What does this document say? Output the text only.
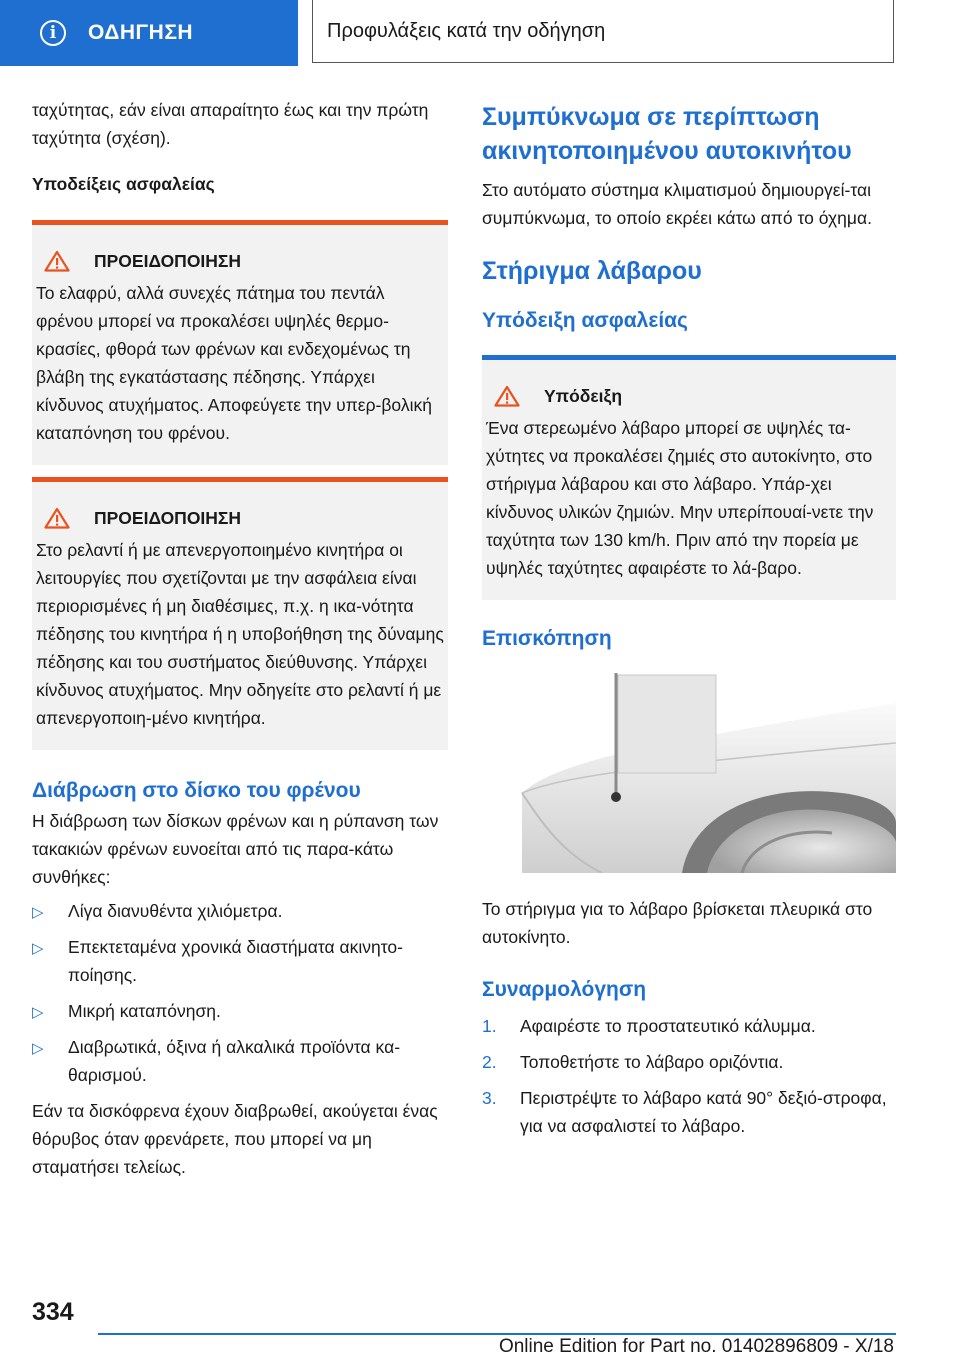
i	ΟΔΗΓΗΣΗ	Προφυλάξεις κατά την οδήγηση

ταχύτητας, εάν είναι απαραίτητο έως και την πρώτη ταχύτητα (σχέση).

Υποδείξεις ασφαλείας

ΠΡΟΕΙΔΟΠΟΙΗΣΗ

Το ελαφρύ, αλλά συνεχές πάτημα του πεντάλ φρένου μπορεί να προκαλέσει υψηλές θερμο-κρασίες, φθορά των φρένων και ενδεχομένως τη βλάβη της εγκατάστασης πέδησης. Υπάρχει κίνδυνος ατυχήματος. Αποφεύγετε την υπερ-βολική καταπόνηση του φρένου.

ΠΡΟΕΙΔΟΠΟΙΗΣΗ

Στο ρελαντί ή με απενεργοποιημένο κινητήρα οι λειτουργίες που σχετίζονται με την ασφάλεια είναι περιορισμένες ή μη διαθέσιμες, π.χ. η ικα-νότητα πέδησης του κινητήρα ή η υποβοήθηση της δύναμης πέδησης και του συστήματος διεύθυνσης. Υπάρχει κίνδυνος ατυχήματος. Μην οδηγείτε στο ρελαντί ή με απενεργοποιη-μένο κινητήρα.

Διάβρωση στο δίσκο του φρένου

Η διάβρωση των δίσκων φρένων και η ρύπανση των τακακιών φρένων ευνοείται από τις παρα-κάτω συνθήκες:

▷ Λίγα διανυθέντα χιλιόμετρα.
▷ Επεκτεταμένα χρονικά διαστήματα ακινητο-ποίησης.
▷ Μικρή καταπόνηση.
▷ Διαβρωτικά, όξινα ή αλκαλικά προϊόντα κα-θαρισμού.

Εάν τα δισκόφρενα έχουν διαβρωθεί, ακούγεται ένας θόρυβος όταν φρενάρετε, που μπορεί να μη σταματήσει τελείως.

Συμπύκνωμα σε περίπτωση ακινητοποιημένου αυτοκινήτου

Στο αυτόματο σύστημα κλιματισμού δημιουργεί-ται συμπύκνωμα, το οποίο εκρέει κάτω από το όχημα.

Στήριγμα λάβαρου
Υπόδειξη ασφαλείας
Υπόδειξη

Ένα στερεωμένο λάβαρο μπορεί σε υψηλές τα-χύτητες να προκαλέσει ζημιές στο αυτοκίνητο, στο στήριγμα λάβαρου και στο λάβαρο. Υπάρ-χει κίνδυνος υλικών ζημιών. Μην υπερίπουαί-νετε την ταχύτητα των 130 km/h. Πριν από την πορεία με υψηλές ταχύτητες αφαιρέστε το λά-βαρο.

Επισκόπηση

Το στήριγμα για το λάβαρο βρίσκεται πλευρικά στο αυτοκίνητο.

Συναρμολόγηση
1. Αφαιρέστε το προστατευτικό κάλυμμα.
2. Τοποθετήστε το λάβαρο οριζόντια.
3. Περιστρέψτε το λάβαρο κατά 90° δεξιό-στροφα, για να ασφαλιστεί το λάβαρο.
334
Online Edition for Part no. 01402896809 - X/18
